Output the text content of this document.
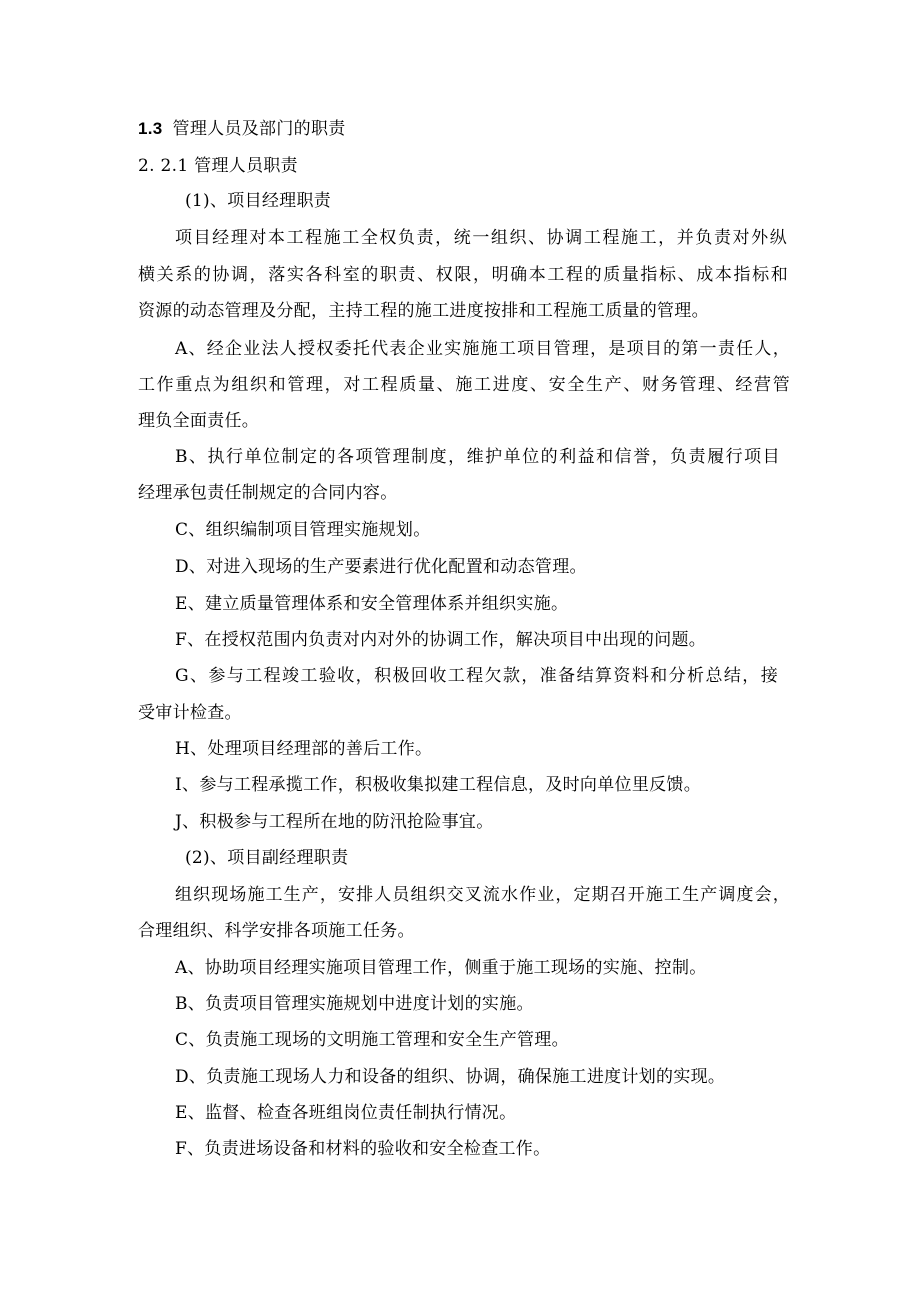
1.3 管理人员及部门的职责
2. 2.1 管理人员职责
(1)、项目经理职责
项目经理对本工程施工全权负责，统一组织、协调工程施工，并负责对外纵
横关系的协调，落实各科室的职责、权限，明确本工程的质量指标、成本指标和
资源的动态管理及分配，主持工程的施工进度按排和工程施工质量的管理。
A、经企业法人授权委托代表企业实施施工项目管理，是项目的第一责任人，
工作重点为组织和管理，对工程质量、施工进度、安全生产、财务管理、经营管
理负全面责任。
B、执行单位制定的各项管理制度，维护单位的利益和信誉，负责履行项目
经理承包责任制规定的合同内容。
C、组织编制项目管理实施规划。
D、对进入现场的生产要素进行优化配置和动态管理。
E、建立质量管理体系和安全管理体系并组织实施。
F、在授权范围内负责对内对外的协调工作，解决项目中出现的问题。
G、参与工程竣工验收，积极回收工程欠款，准备结算资料和分析总结，接
受审计检查。
H、处理项目经理部的善后工作。
I、参与工程承揽工作，积极收集拟建工程信息，及时向单位里反馈。
J、积极参与工程所在地的防汛抢险事宜。
(2)、项目副经理职责
组织现场施工生产，安排人员组织交叉流水作业，定期召开施工生产调度会，
合理组织、科学安排各项施工任务。
A、协助项目经理实施项目管理工作，侧重于施工现场的实施、控制。
B、负责项目管理实施规划中进度计划的实施。
C、负责施工现场的文明施工管理和安全生产管理。
D、负责施工现场人力和设备的组织、协调，确保施工进度计划的实现。
E、监督、检查各班组岗位责任制执行情况。
F、负责进场设备和材料的验收和安全检查工作。
